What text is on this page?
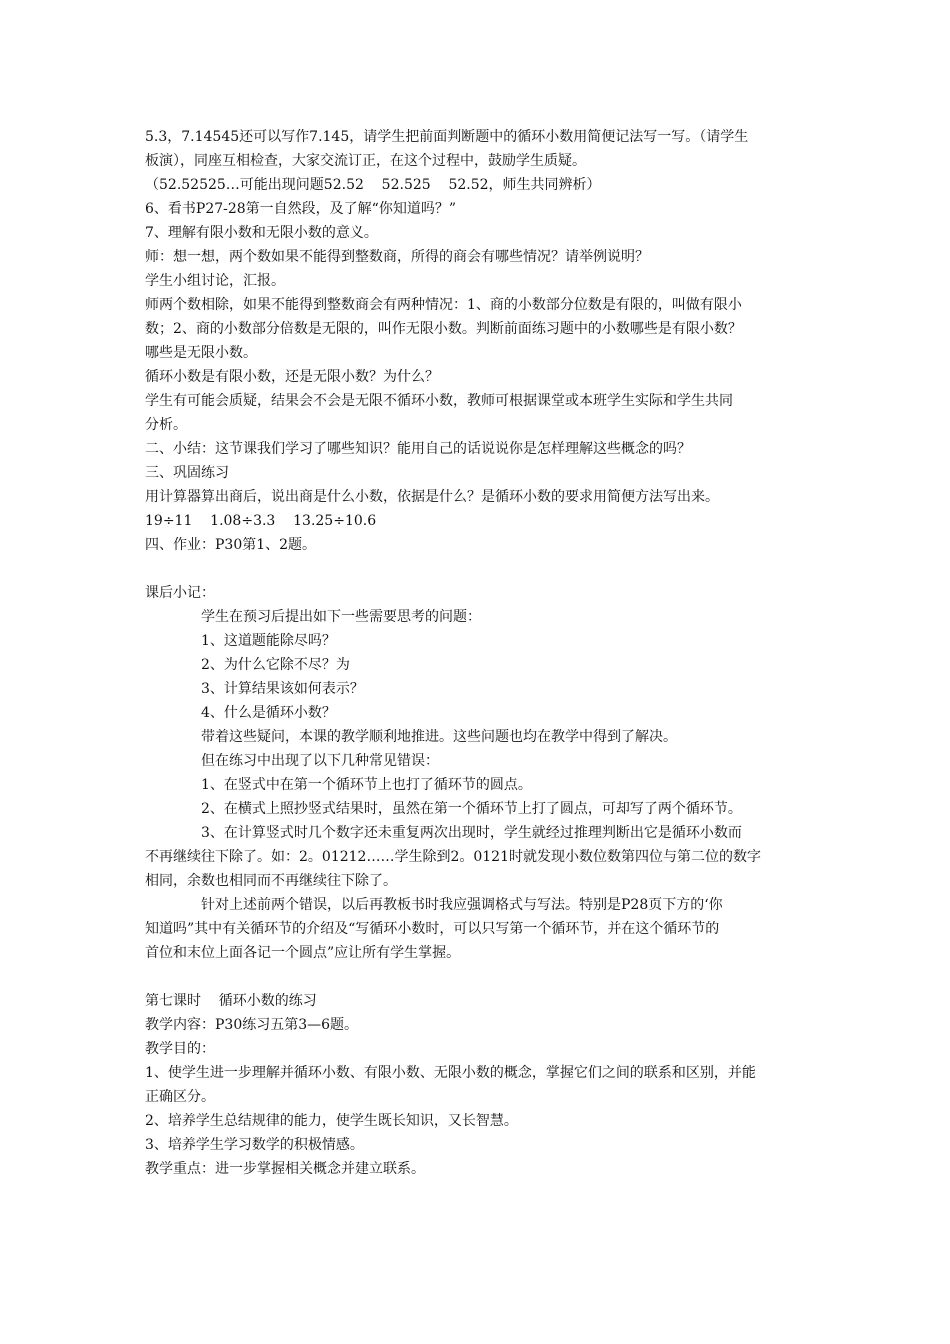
5.3，7.14545还可以写作7.145，请学生把前面判断题中的循环小数用简便记法写一写。（请学生
板演），同座互相检查，大家交流订正，在这个过程中，鼓励学生质疑。
（52.52525…可能出现问题52.52    52.525    52.52，师生共同辨析）
6、看书P27-28第一自然段，及了解“你知道吗？”
7、理解有限小数和无限小数的意义。
师：想一想，两个数如果不能得到整数商，所得的商会有哪些情况？请举例说明？
学生小组讨论，汇报。
师两个数相除，如果不能得到整数商会有两种情况：1、商的小数部分位数是有限的，叫做有限小
数；2、商的小数部分倍数是无限的，叫作无限小数。判断前面练习题中的小数哪些是有限小数？
哪些是无限小数。
循环小数是有限小数，还是无限小数？为什么？
学生有可能会质疑，结果会不会是无限不循环小数，教师可根据课堂或本班学生实际和学生共同
分析。
二、小结：这节课我们学习了哪些知识？能用自己的话说说你是怎样理解这些概念的吗？
三、巩固练习
用计算器算出商后，说出商是什么小数，依据是什么？是循环小数的要求用简便方法写出来。
19÷11    1.08÷3.3    13.25÷10.6
四、作业：P30第1、2题。
课后小记：
学生在预习后提出如下一些需要思考的问题：
1、这道题能除尽吗？
2、为什么它除不尽？为
3、计算结果该如何表示？
4、什么是循环小数？
带着这些疑问，本课的教学顺利地推进。这些问题也均在教学中得到了解决。
但在练习中出现了以下几种常见错误：
1、在竖式中在第一个循环节上也打了循环节的圆点。
2、在横式上照抄竖式结果时，虽然在第一个循环节上打了圆点，可却写了两个循环节。
3、在计算竖式时几个数字还未重复两次出现时，学生就经过推理判断出它是循环小数而
不再继续往下除了。如：2。01212……学生除到2。0121时就发现小数位数第四位与第二位的数字
相同，余数也相同而不再继续往下除了。
针对上述前两个错误，以后再教板书时我应强调格式与写法。特别是P28页下方的‘你
知道吗”其中有关循环节的介绍及“写循环小数时，可以只写第一个循环节，并在这个循环节的
首位和末位上面各记一个圆点”应让所有学生掌握。
第七课时    循环小数的练习
教学内容：P30练习五第3—6题。
教学目的：
1、使学生进一步理解并循环小数、有限小数、无限小数的概念，掌握它们之间的联系和区别，并能
正确区分。
2、培养学生总结规律的能力，使学生既长知识，又长智慧。
3、培养学生学习数学的积极情感。
教学重点：进一步掌握相关概念并建立联系。
